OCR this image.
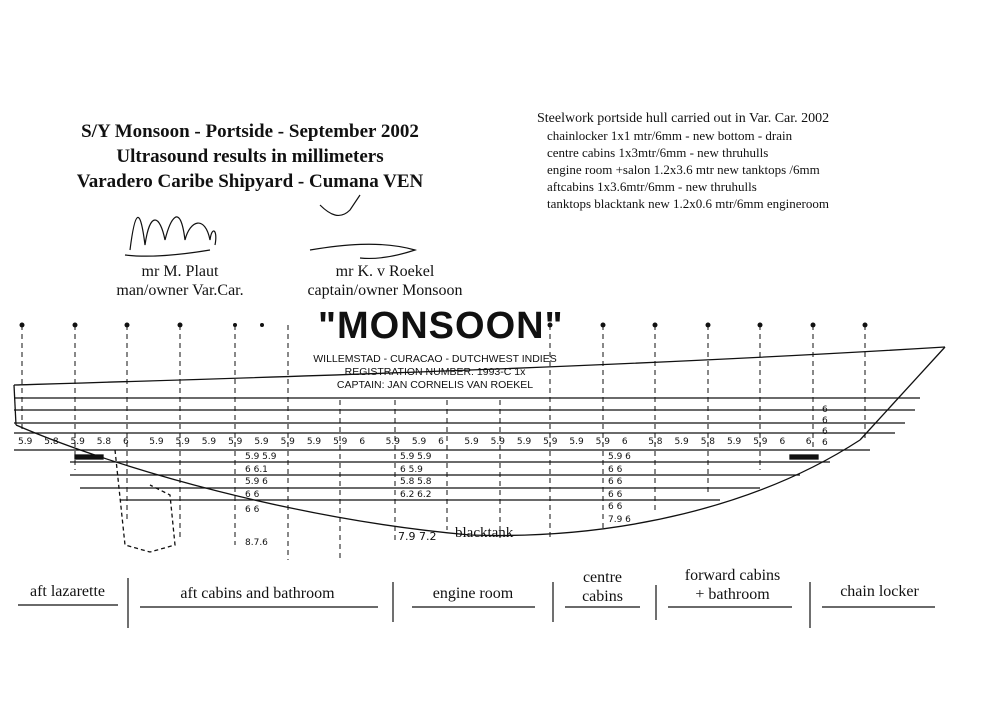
S/Y Monsoon - Portside - September 2002
Ultrasound results in millimeters
Varadero Caribe Shipyard - Cumana VEN
mr M. Plaut
man/owner Var.Car.
mr K. v Roekel
captain/owner Monsoon
Steelwork portside hull carried out in Var. Car. 2002
chainlocker 1x1 mtr/6mm - new bottom - drain
centre cabins 1x3mtr/6mm - new thruhulls
engine room +salon 1.2x3.6 mtr new tanktops /6mm
aftcabins 1x3.6mtr/6mm - new thruhulls
tanktops blacktank new 1.2x0.6 mtr/6mm engineroom
"MONSOON"
WILLEMSTAD - CURACAO - DUTCHWEST INDIES
REGISTRATION NUMBER: 1993-C 1x
CAPTAIN: JAN CORNELIS VAN ROEKEL
5.9 5.8 5.9 5.8 6 5.9 5.9 5.9 5.9 5.9 5.9 5.9 5.9 6 5.9 5.9 6 5.9 5.9 5.9 5.9 5.9 5.9 6 5.8 5.9 5.8 5.9 5.9 6 6
5.9 5.9
6 6.1
5.9 6
6 6
5.9 5.9
6 5.9
5.8 5.8
6.2 6.2
6 6
5.9 6
6 6
6 6
6 6
6 6
7.9 6
6
6
6
6
7.9 7.2 blacktank
8.7.6
aft lazarette	aft cabins and bathroom	engine room
centre
cabins
forward cabins
+ bathroom	chain locker
